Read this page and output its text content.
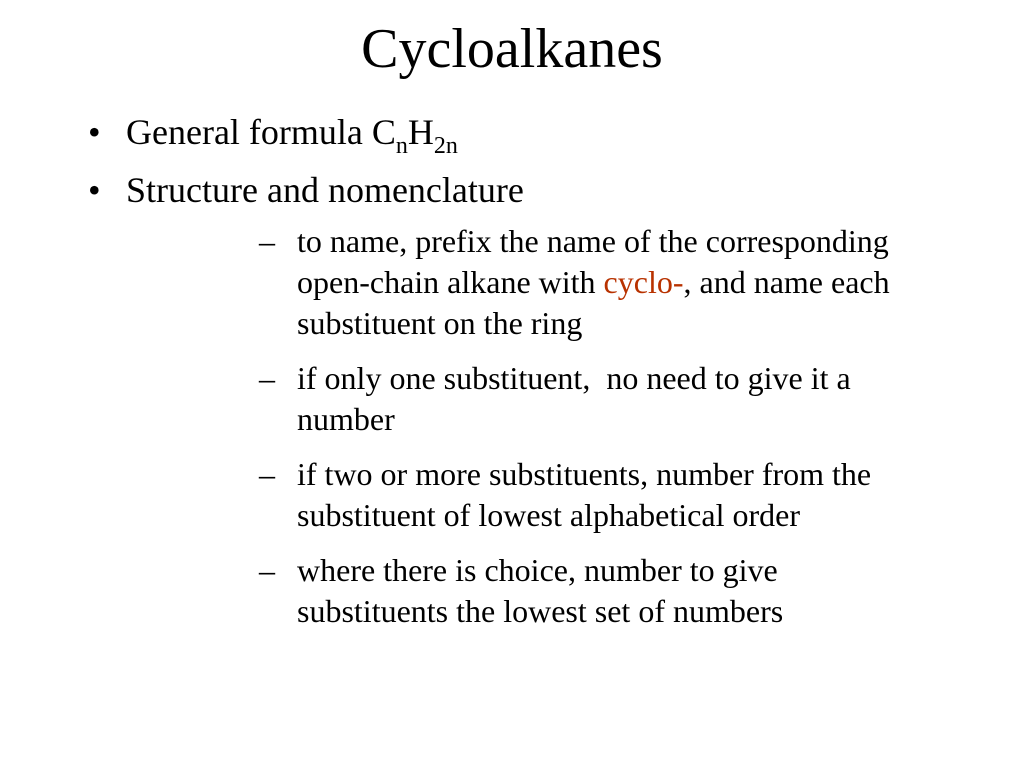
Cycloalkanes
• General formula $C_nH_{2n}$
• Structure and nomenclature
– to name, prefix the name of the corresponding
open-chain alkane with cyclo-, and name each
substituent on the ring
– if only one substituent,  no need to give it a
number
– if two or more substituents, number from the
substituent of lowest alphabetical order
– where there is choice, number to give
substituents the lowest set of numbers
